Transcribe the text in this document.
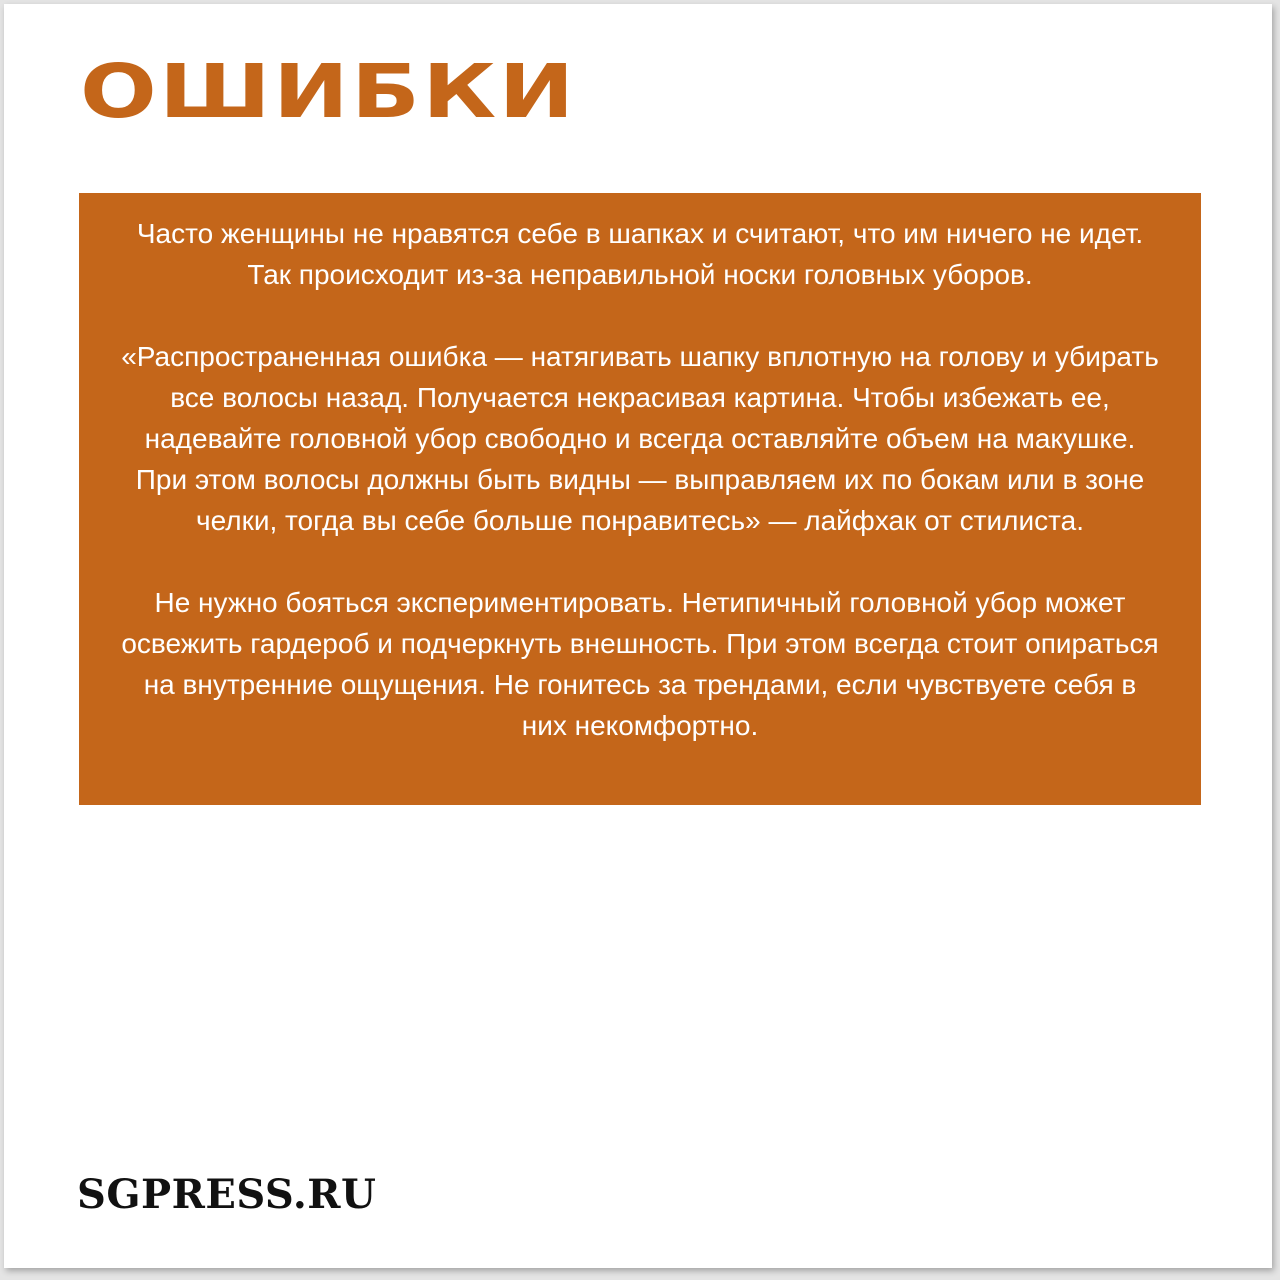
ОШИБКИ

Часто женщины не нравятся себе в шапках и считают, что им ничего не идет. Так происходит из-за неправильной носки головных уборов.

«Распространенная ошибка — натягивать шапку вплотную на голову и убирать все волосы назад. Получается некрасивая картина. Чтобы избежать ее, надевайте головной убор свободно и всегда оставляйте объем на макушке. При этом волосы должны быть видны — выправляем их по бокам или в зоне челки, тогда вы себе больше понравитесь» — лайфхак от стилиста.

Не нужно бояться экспериментировать. Нетипичный головной убор может освежить гардероб и подчеркнуть внешность. При этом всегда стоит опираться на внутренние ощущения. Не гонитесь за трендами, если чувствуете себя в них некомфортно.

SGPRESS.RU
